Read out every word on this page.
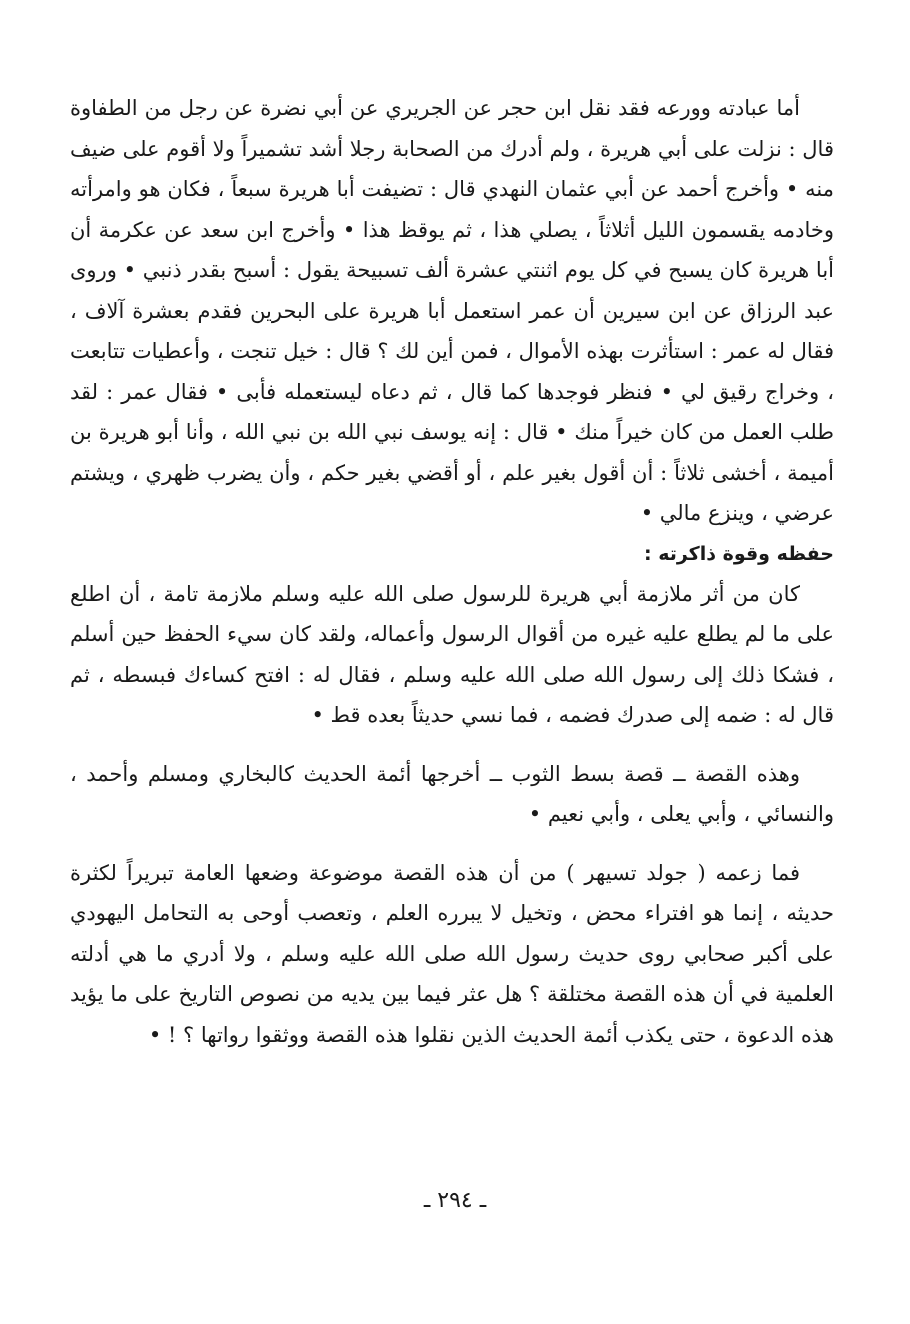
أما عبادته وورعه فقد نقل ابن حجر عن الجريري عن أبي نضرة عن رجل من الطفاوة قال : نزلت على أبي هريرة ، ولم أدرك من الصحابة رجلا أشد تشميراً ولا أقوم على ضيف منه • وأخرج أحمد عن أبي عثمان النهدي قال : تضيفت أبا هريرة سبعاً ، فكان هو وامرأته وخادمه يقسمون الليل أثلاثاً ، يصلي هذا ، ثم يوقظ هذا • وأخرج ابن سعد عن عكرمة أن أبا هريرة كان يسبح في كل يوم اثنتي عشرة ألف تسبيحة يقول : أسبح بقدر ذنبي • وروى عبد الرزاق عن ابن سيرين أن عمر استعمل أبا هريرة على البحرين فقدم بعشرة آلاف ، فقال له عمر : استأثرت بهذه الأموال ، فمن أين لك ؟ قال : خيل تنجت ، وأعطيات تتابعت ، وخراج رقيق لي • فنظر فوجدها كما قال ، ثم دعاه ليستعمله فأبى • فقال عمر : لقد طلب العمل من كان خيراً منك • قال : إنه يوسف نبي الله بن نبي الله ، وأنا أبو هريرة بن أميمة ، أخشى ثلاثاً : أن أقول بغير علم ، أو أقضي بغير حكم ، وأن يضرب ظهري ، ويشتم عرضي ، وينزع مالي •

حفظه وقوة ذاكرته :

كان من أثر ملازمة أبي هريرة للرسول صلى الله عليه وسلم ملازمة تامة ، أن اطلع على ما لم يطلع عليه غيره من أقوال الرسول وأعماله، ولقد كان سيء الحفظ حين أسلم ، فشكا ذلك إلى رسول الله صلى الله عليه وسلم ، فقال له : افتح كساءك فبسطه ، ثم قال له : ضمه إلى صدرك فضمه ، فما نسي حديثاً بعده قط •

وهذه القصة ــ قصة بسط الثوب ــ أخرجها أئمة الحديث كالبخاري ومسلم وأحمد ، والنسائي ، وأبي يعلى ، وأبي نعيم •

فما زعمه ( جولد تسيهر ) من أن هذه القصة موضوعة وضعها العامة تبريراً لكثرة حديثه ، إنما هو افتراء محض ، وتخيل لا يبرره العلم ، وتعصب أوحى به التحامل اليهودي على أكبر صحابي روى حديث رسول الله صلى الله عليه وسلم ، ولا أدري ما هي أدلته العلمية في أن هذه القصة مختلقة ؟ هل عثر فيما بين يديه من نصوص التاريخ على ما يؤيد هذه الدعوة ، حتى يكذب أئمة الحديث الذين نقلوا هذه القصة ووثقوا رواتها ؟ ! •

ـ ٢٩٤ ـ
